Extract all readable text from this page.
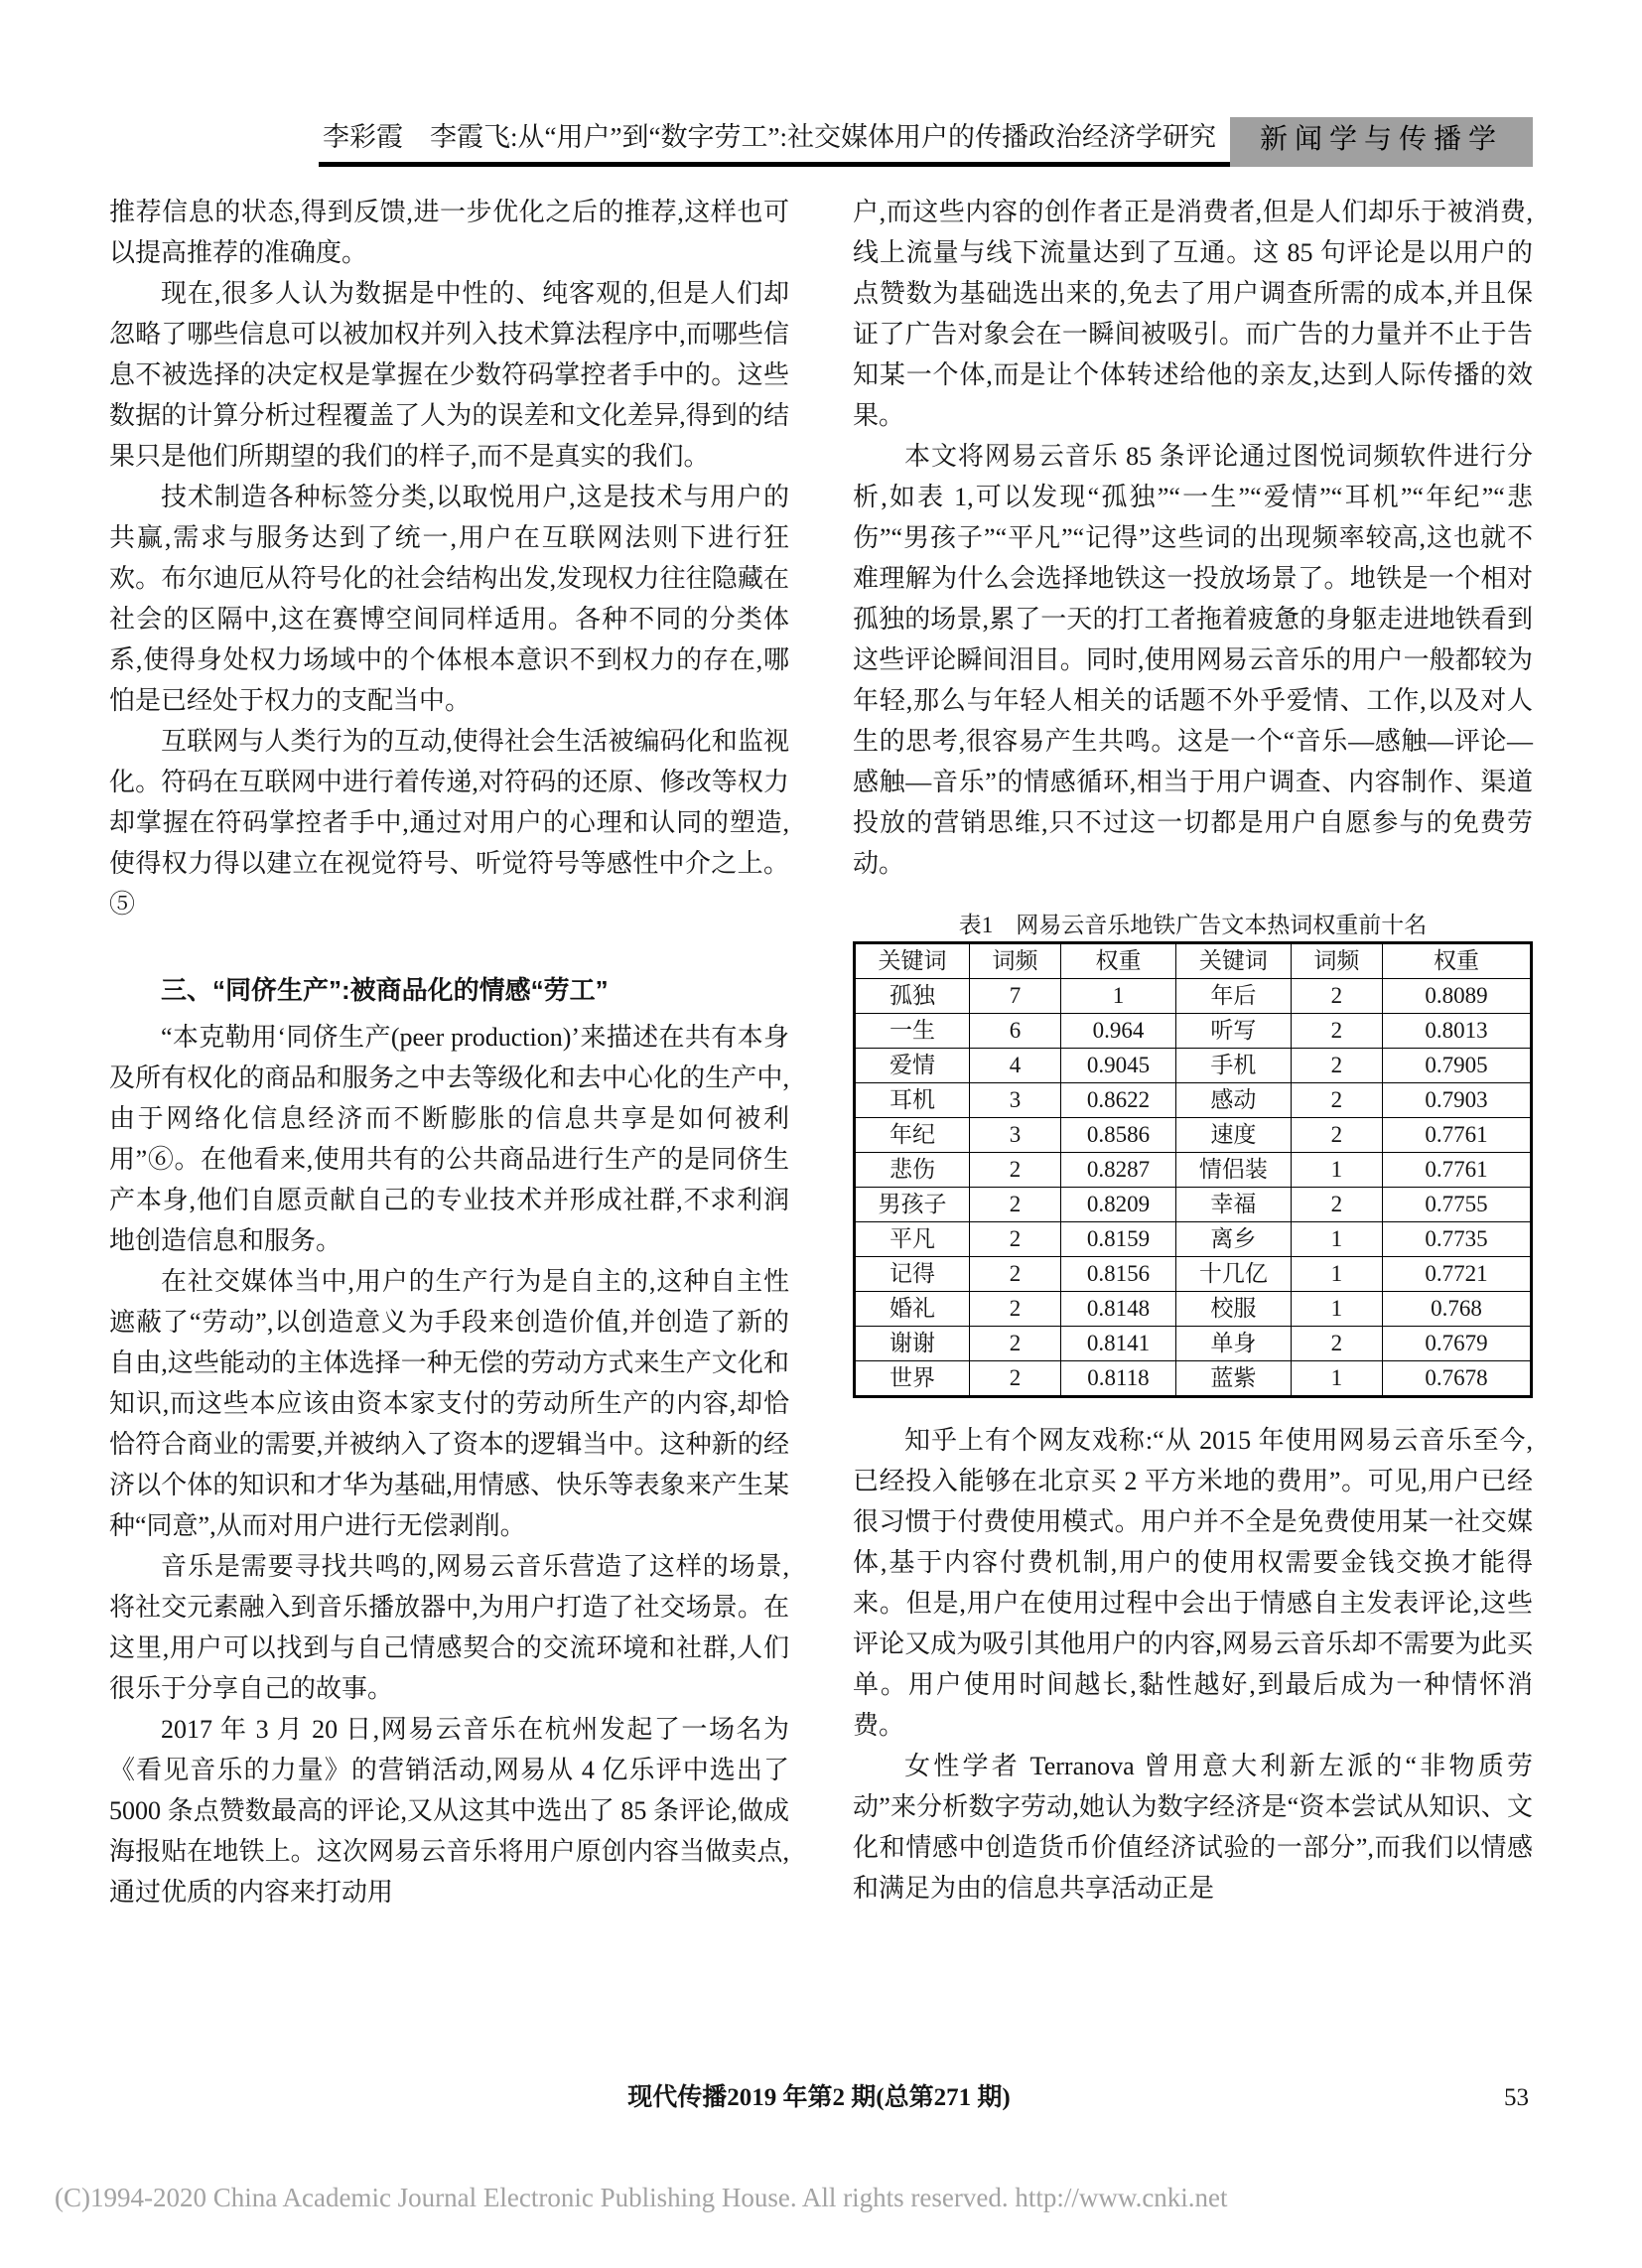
李彩霞　李霞飞:从“用户”到“数字劳工”:社交媒体用户的传播政治经济学研究	新闻学与传播学

推荐信息的状态,得到反馈,进一步优化之后的推荐,这样也可以提高推荐的准确度。

现在,很多人认为数据是中性的、纯客观的,但是人们却忽略了哪些信息可以被加权并列入技术算法程序中,而哪些信息不被选择的决定权是掌握在少数符码掌控者手中的。这些数据的计算分析过程覆盖了人为的误差和文化差异,得到的结果只是他们所期望的我们的样子,而不是真实的我们。

技术制造各种标签分类,以取悦用户,这是技术与用户的共赢,需求与服务达到了统一,用户在互联网法则下进行狂欢。布尔迪厄从符号化的社会结构出发,发现权力往往隐藏在社会的区隔中,这在赛博空间同样适用。各种不同的分类体系,使得身处权力场域中的个体根本意识不到权力的存在,哪怕是已经处于权力的支配当中。

互联网与人类行为的互动,使得社会生活被编码化和监视化。符码在互联网中进行着传递,对符码的还原、修改等权力却掌握在符码掌控者手中,通过对用户的心理和认同的塑造,使得权力得以建立在视觉符号、听觉符号等感性中介之上。⑤

三、“同侪生产”:被商品化的情感“劳工”

“本克勒用‘同侪生产(peer production)’来描述在共有本身及所有权化的商品和服务之中去等级化和去中心化的生产中,由于网络化信息经济而不断膨胀的信息共享是如何被利用”⑥。在他看来,使用共有的公共商品进行生产的是同侪生产本身,他们自愿贡献自己的专业技术并形成社群,不求利润地创造信息和服务。

在社交媒体当中,用户的生产行为是自主的,这种自主性遮蔽了“劳动”,以创造意义为手段来创造价值,并创造了新的自由,这些能动的主体选择一种无偿的劳动方式来生产文化和知识,而这些本应该由资本家支付的劳动所生产的内容,却恰恰符合商业的需要,并被纳入了资本的逻辑当中。这种新的经济以个体的知识和才华为基础,用情感、快乐等表象来产生某种“同意”,从而对用户进行无偿剥削。

音乐是需要寻找共鸣的,网易云音乐营造了这样的场景,将社交元素融入到音乐播放器中,为用户打造了社交场景。在这里,用户可以找到与自己情感契合的交流环境和社群,人们很乐于分享自己的故事。

2017 年 3 月 20 日,网易云音乐在杭州发起了一场名为《看见音乐的力量》的营销活动,网易从 4 亿乐评中选出了 5000 条点赞数最高的评论,又从这其中选出了 85 条评论,做成海报贴在地铁上。这次网易云音乐将用户原创内容当做卖点,通过优质的内容来打动用

户,而这些内容的创作者正是消费者,但是人们却乐于被消费,线上流量与线下流量达到了互通。这 85 句评论是以用户的点赞数为基础选出来的,免去了用户调查所需的成本,并且保证了广告对象会在一瞬间被吸引。而广告的力量并不止于告知某一个体,而是让个体转述给他的亲友,达到人际传播的效果。

本文将网易云音乐 85 条评论通过图悦词频软件进行分析,如表 1,可以发现“孤独”“一生”“爱情”“耳机”“年纪”“悲伤”“男孩子”“平凡”“记得”这些词的出现频率较高,这也就不难理解为什么会选择地铁这一投放场景了。地铁是一个相对孤独的场景,累了一天的打工者拖着疲惫的身躯走进地铁看到这些评论瞬间泪目。同时,使用网易云音乐的用户一般都较为年轻,那么与年轻人相关的话题不外乎爱情、工作,以及对人生的思考,很容易产生共鸣。这是一个“音乐—感触—评论—感触—音乐”的情感循环,相当于用户调查、内容制作、渠道投放的营销思维,只不过这一切都是用户自愿参与的免费劳动。

表1　网易云音乐地铁广告文本热词权重前十名

关键词	词频	权重	关键词	词频	权重
孤独	7	1	年后	2	0.8089
一生	6	0.964	听写	2	0.8013
爱情	4	0.9045	手机	2	0.7905
耳机	3	0.8622	感动	2	0.7903
年纪	3	0.8586	速度	2	0.7761
悲伤	2	0.8287	情侣装	1	0.7761
男孩子	2	0.8209	幸福	2	0.7755
平凡	2	0.8159	离乡	1	0.7735
记得	2	0.8156	十几亿	1	0.7721
婚礼	2	0.8148	校服	1	0.768
谢谢	2	0.8141	单身	2	0.7679
世界	2	0.8118	蓝紫	1	0.7678

知乎上有个网友戏称:“从 2015 年使用网易云音乐至今,已经投入能够在北京买 2 平方米地的费用”。可见,用户已经很习惯于付费使用模式。用户并不全是免费使用某一社交媒体,基于内容付费机制,用户的使用权需要金钱交换才能得来。但是,用户在使用过程中会出于情感自主发表评论,这些评论又成为吸引其他用户的内容,网易云音乐却不需要为此买单。用户使用时间越长,黏性越好,到最后成为一种情怀消费。

女性学者 Terranova 曾用意大利新左派的“非物质劳动”来分析数字劳动,她认为数字经济是“资本尝试从知识、文化和情感中创造货币价值经济试验的一部分”,而我们以情感和满足为由的信息共享活动正是

现代传播2019 年第2 期(总第271 期)	53
(C)1994-2020 China Academic Journal Electronic Publishing House. All rights reserved. http://www.cnki.net
